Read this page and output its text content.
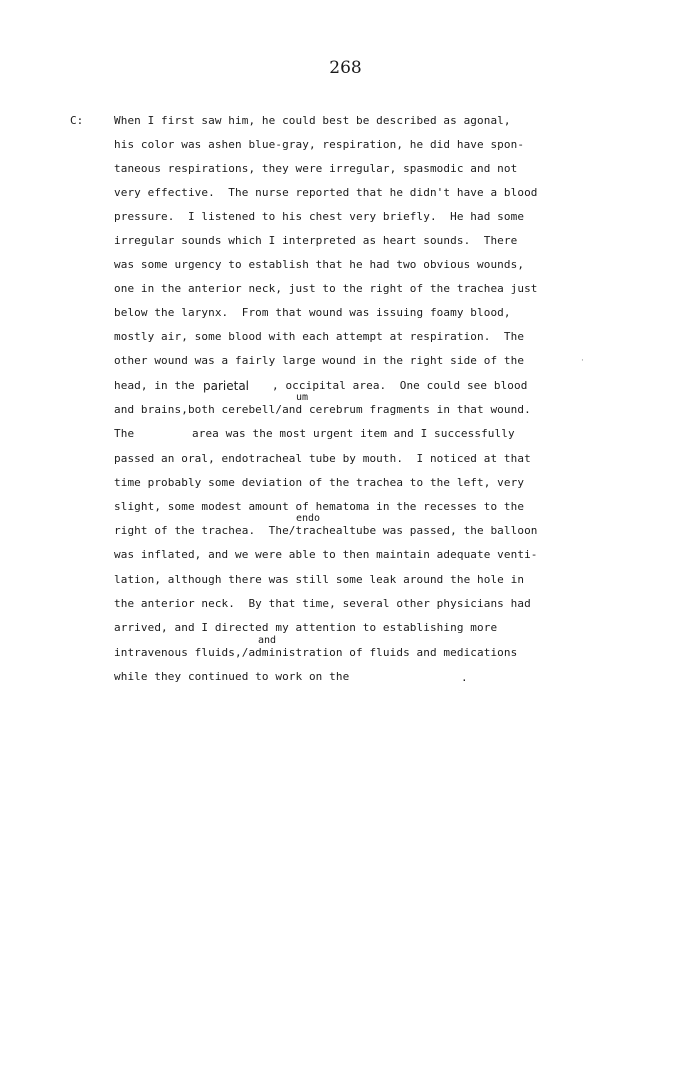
268
C:	When I first saw him, he could best be described as agonal,
his color was ashen blue-gray, respiration, he did have spon-
taneous respirations, they were irregular, spasmodic and not
very effective.  The nurse reported that he didn't have a blood
pressure.  I listened to his chest very briefly.  He had some
irregular sounds which I interpreted as heart sounds.  There
was some urgency to establish that he had two obvious wounds,
one in the anterior neck, just to the right of the trachea just
below the larynx.  From that wound was issuing foamy blood,
mostly air, some blood with each attempt at respiration.  The
other wound was a fairly large wound in the right side of the
head, in the parietal , occipital area.  One could see blood
um
and brains,both cerebell/and cerebrum fragments in that wound.
The	area was the most urgent item and I successfully
passed an oral, endotracheal tube by mouth.  I noticed at that
time probably some deviation of the trachea to the left, very
slight, some modest amount of hematoma in the recesses to the
endo
right of the trachea.  The/trachealtube was passed, the balloon
was inflated, and we were able to then maintain adequate venti-
lation, although there was still some leak around the hole in
the anterior neck.  By that time, several other physicians had
arrived, and I directed my attention to establishing more
and
intravenous fluids,/administration of fluids and medications
while they continued to work on the	.
·
